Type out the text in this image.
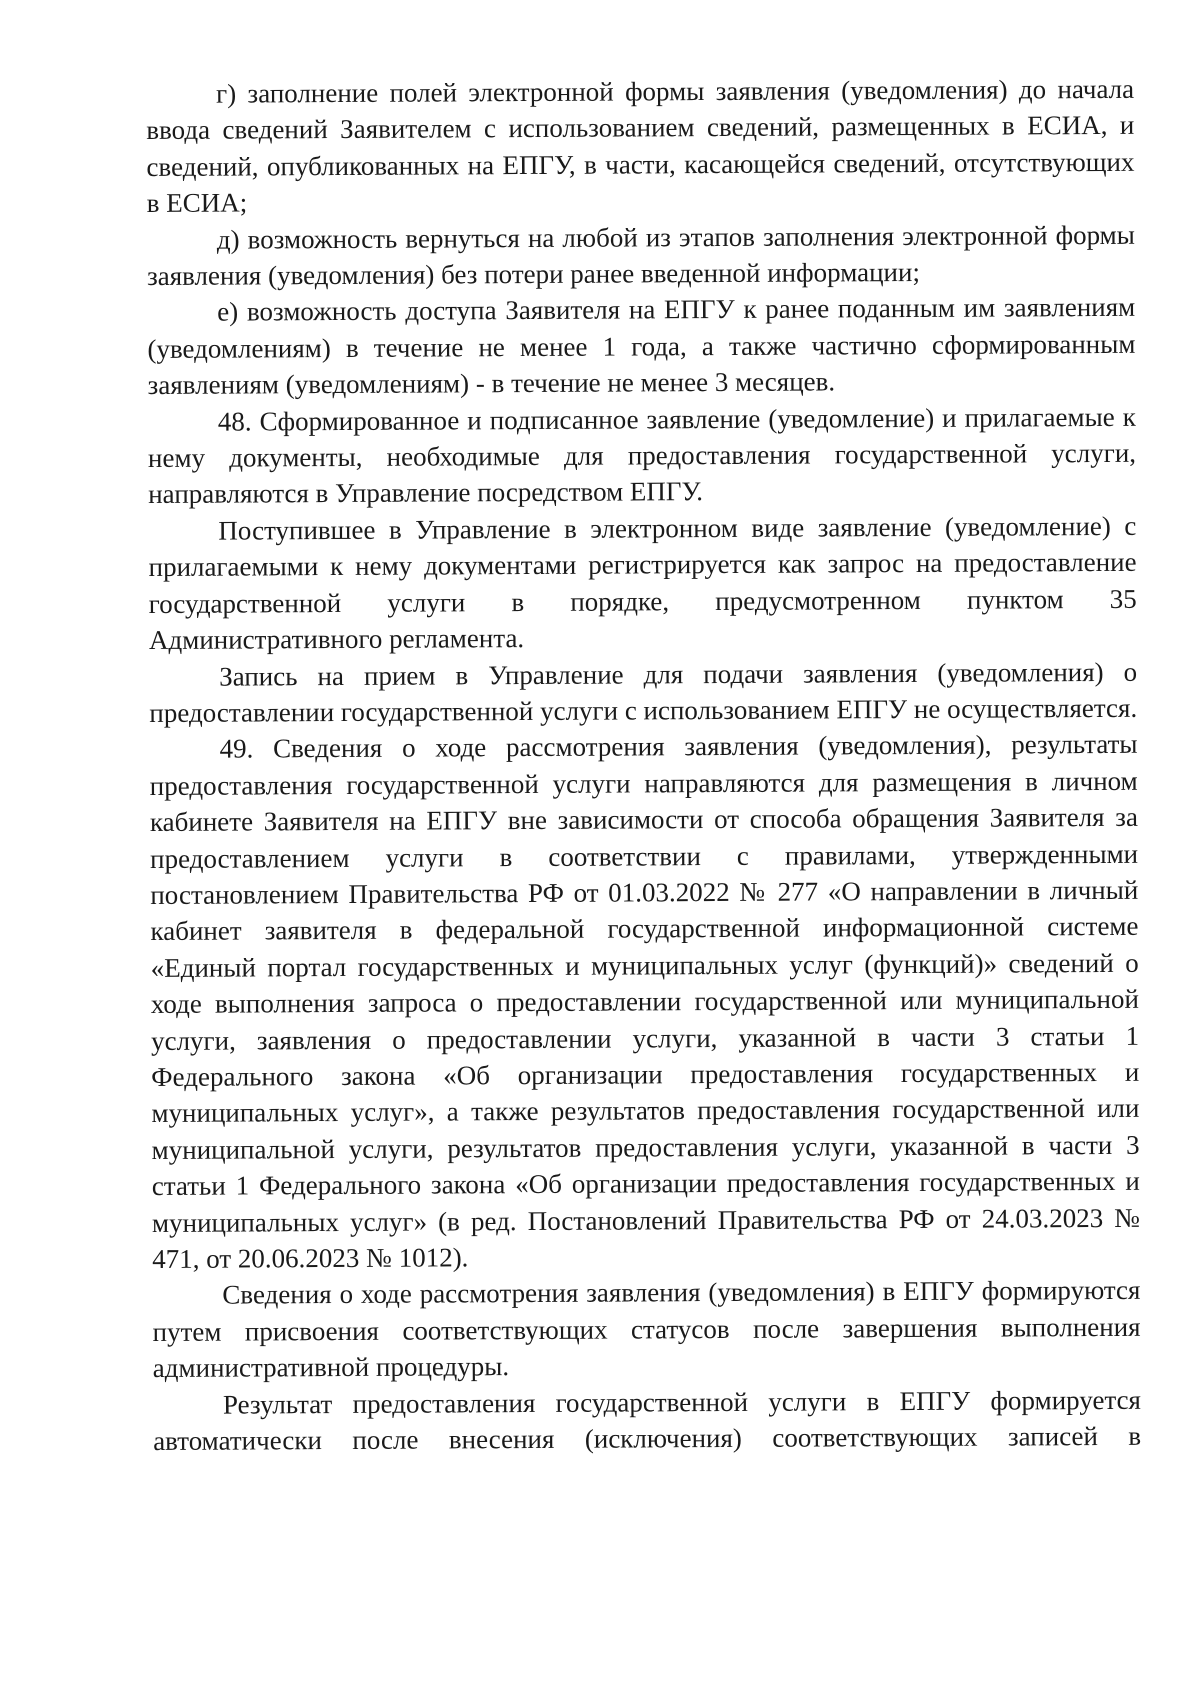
г) заполнение полей электронной формы заявления (уведомления) до начала ввода сведений Заявителем с использованием сведений, размещенных в ЕСИА, и сведений, опубликованных на ЕПГУ, в части, касающейся сведений, отсутствующих в ЕСИА;

д) возможность вернуться на любой из этапов заполнения электронной формы заявления (уведомления) без потери ранее введенной информации;

е) возможность доступа Заявителя на ЕПГУ к ранее поданным им заявлениям (уведомлениям) в течение не менее 1 года, а также частично сформированным заявлениям (уведомлениям) - в течение не менее 3 месяцев.

48. Сформированное и подписанное заявление (уведомление) и прилагаемые к нему документы, необходимые для предоставления государственной услуги, направляются в Управление посредством ЕПГУ.

Поступившее в Управление в электронном виде заявление (уведомление) с прилагаемыми к нему документами регистрируется как запрос на предоставление государственной услуги в порядке, предусмотренном пунктом 35 Административного регламента.

Запись на прием в Управление для подачи заявления (уведомления) о предоставлении государственной услуги с использованием ЕПГУ не осуществляется.

49. Сведения о ходе рассмотрения заявления (уведомления), результаты предоставления государственной услуги направляются для размещения в личном кабинете Заявителя на ЕПГУ вне зависимости от способа обращения Заявителя за предоставлением услуги в соответствии с правилами, утвержденными постановлением Правительства РФ от 01.03.2022 № 277 «О направлении в личный кабинет заявителя в федеральной государственной информационной системе «Единый портал государственных и муниципальных услуг (функций)» сведений о ходе выполнения запроса о предоставлении государственной или муниципальной услуги, заявления о предоставлении услуги, указанной в части 3 статьи 1 Федерального закона «Об организации предоставления государственных и муниципальных услуг», а также результатов предоставления государственной или муниципальной услуги, результатов предоставления услуги, указанной в части 3 статьи 1 Федерального закона «Об организации предоставления государственных и муниципальных услуг» (в ред. Постановлений Правительства РФ от 24.03.2023 № 471, от 20.06.2023 № 1012).

Сведения о ходе рассмотрения заявления (уведомления) в ЕПГУ формируются путем присвоения соответствующих статусов после завершения выполнения административной процедуры.

Результат предоставления государственной услуги в ЕПГУ формируется автоматически после внесения (исключения) соответствующих записей в
